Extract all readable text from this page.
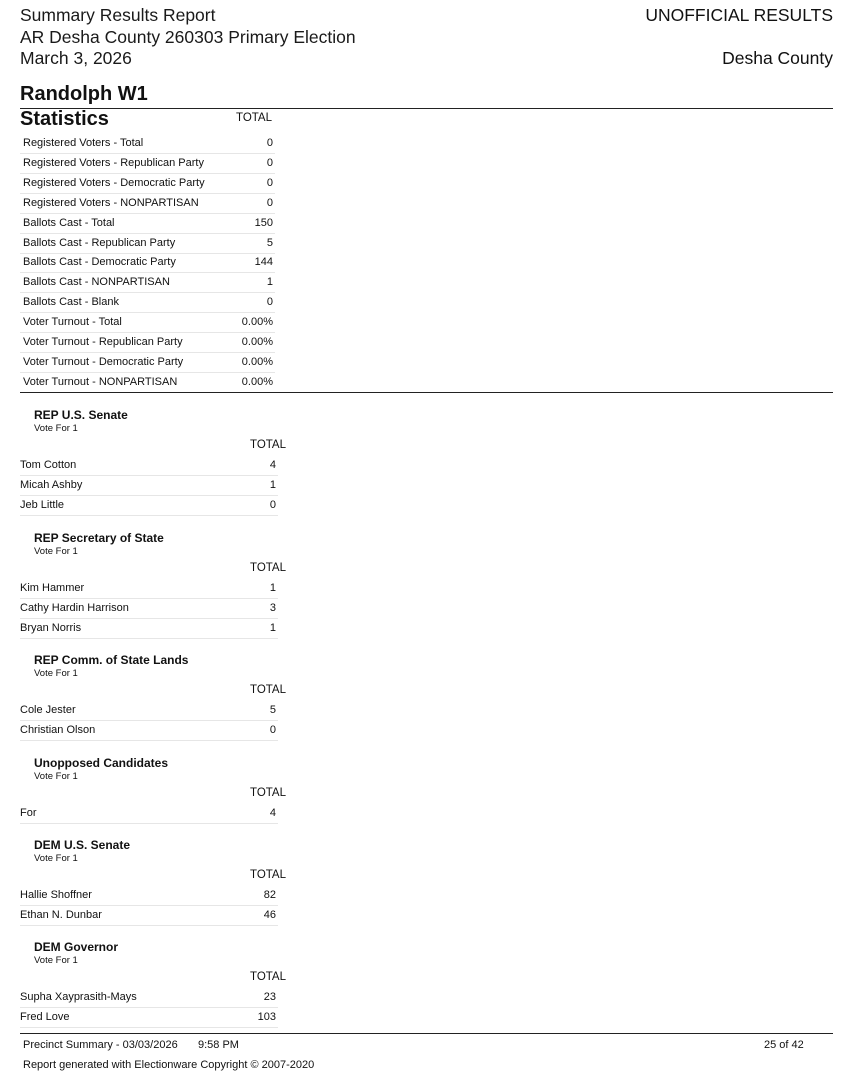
Summary Results Report
AR Desha County 260303 Primary Election
March 3, 2026
UNOFFICIAL RESULTS
Desha County
Randolph W1
Statistics	TOTAL
Registered Voters - Total	0
Registered Voters - Republican Party	0
Registered Voters - Democratic Party	0
Registered Voters - NONPARTISAN	0
Ballots Cast - Total	150
Ballots Cast - Republican Party	5
Ballots Cast - Democratic Party	144
Ballots Cast - NONPARTISAN	1
Ballots Cast - Blank	0
Voter Turnout - Total	0.00%
Voter Turnout - Republican Party	0.00%
Voter Turnout - Democratic Party	0.00%
Voter Turnout - NONPARTISAN	0.00%
REP U.S. Senate
Vote For 1
TOTAL
Tom Cotton	4
Micah Ashby	1
Jeb Little	0
REP Secretary of State
Vote For 1
TOTAL
Kim Hammer	1
Cathy Hardin Harrison	3
Bryan Norris	1
REP Comm. of State Lands
Vote For 1
TOTAL
Cole Jester	5
Christian Olson	0
Unopposed Candidates
Vote For 1
TOTAL
For	4
DEM U.S. Senate
Vote For 1
TOTAL
Hallie Shoffner	82
Ethan N. Dunbar	46
DEM Governor
Vote For 1
TOTAL
Supha Xayprasith-Mays	23
Fred Love	103
Precinct Summary - 03/03/2026 9:58 PM	25 of 42
Report generated with Electionware Copyright © 2007-2020
